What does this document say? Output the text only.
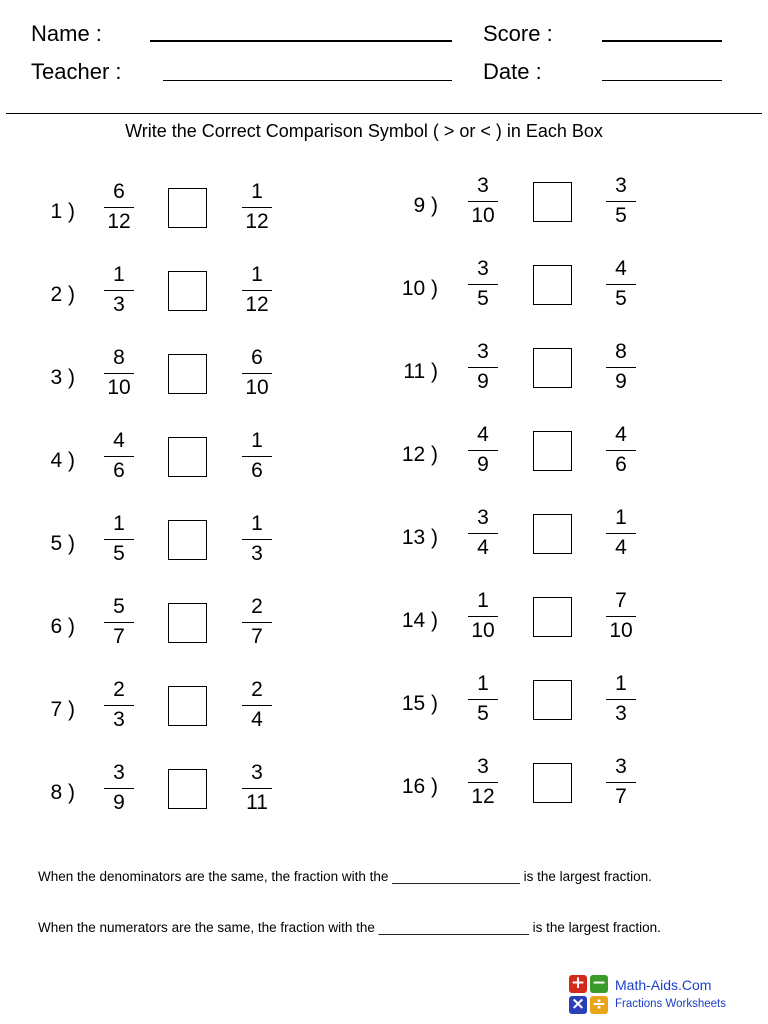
Name :
Teacher :
Score :
Date :
Write the Correct Comparison Symbol ( > or < ) in Each Box
1 )
6
12
1
12
2 )
1
3
1
12
3 )
8
10
6
10
4 )
4
6
1
6
5 )
1
5
1
3
6 )
5
7
2
7
7 )
2
3
2
4
8 )
3
9
3
11
9 )
3
10
3
5
10 )
3
5
4
5
11 )
3
9
8
9
12 )
4
9
4
6
13 )
3
4
1
4
14 )
1
10
7
10
15 )
1
5
1
3
16 )
3
12
3
7
When the denominators are the same, the fraction with the _________________ is the largest fraction.
When the numerators are the same, the fraction with the ____________________ is the largest fraction.
+ −
× ÷
Math-Aids.Com
Fractions Worksheets
